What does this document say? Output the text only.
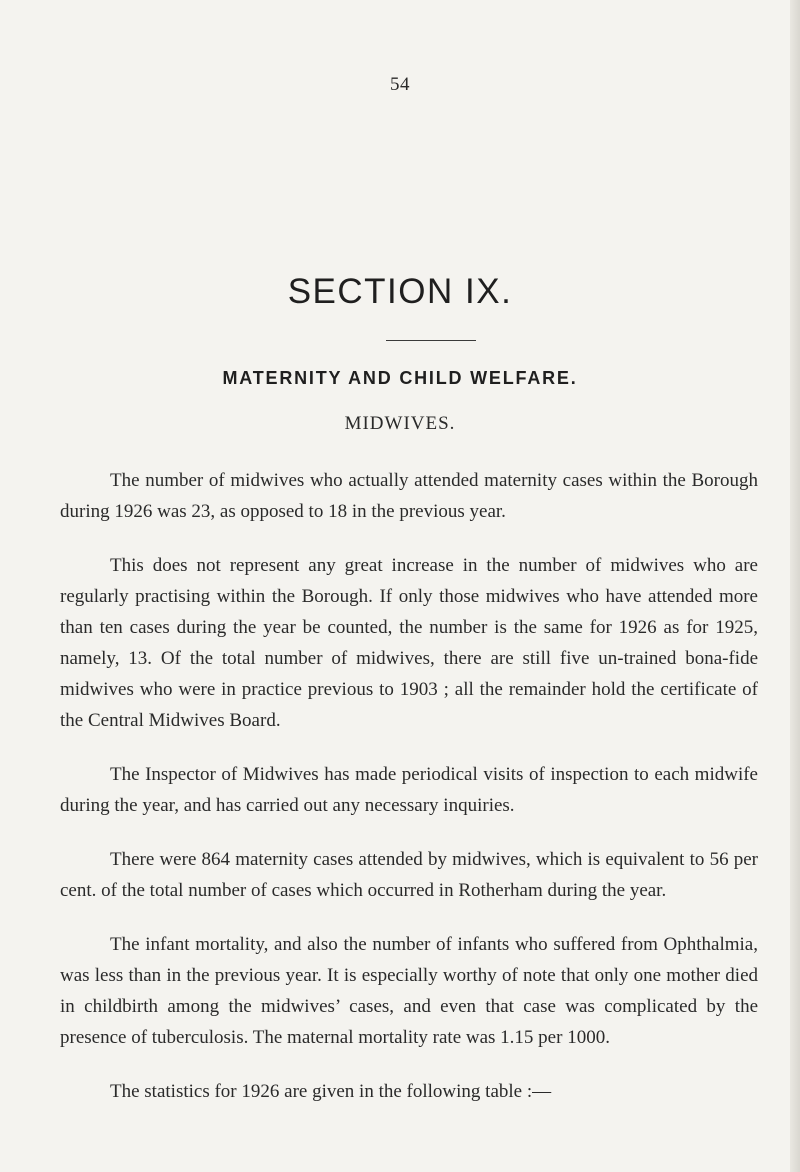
54
SECTION IX.
MATERNITY AND CHILD WELFARE.
MIDWIVES.

The number of midwives who actually attended maternity cases within the Borough during 1926 was 23, as opposed to 18 in the previous year.

This does not represent any great increase in the number of midwives who are regularly practising within the Borough. If only those midwives who have attended more than ten cases during the year be counted, the number is the same for 1926 as for 1925, namely, 13. Of the total number of midwives, there are still five un-trained bona-fide midwives who were in practice previous to 1903 ; all the remainder hold the certificate of the Central Midwives Board.

The Inspector of Midwives has made periodical visits of inspection to each midwife during the year, and has carried out any necessary inquiries.

There were 864 maternity cases attended by midwives, which is equivalent to 56 per cent. of the total number of cases which occurred in Rotherham during the year.

The infant mortality, and also the number of infants who suffered from Ophthalmia, was less than in the previous year. It is especially worthy of note that only one mother died in childbirth among the midwives’ cases, and even that case was complicated by the presence of tuberculosis. The maternal mortality rate was 1.15 per 1000.

The statistics for 1926 are given in the following table :—
